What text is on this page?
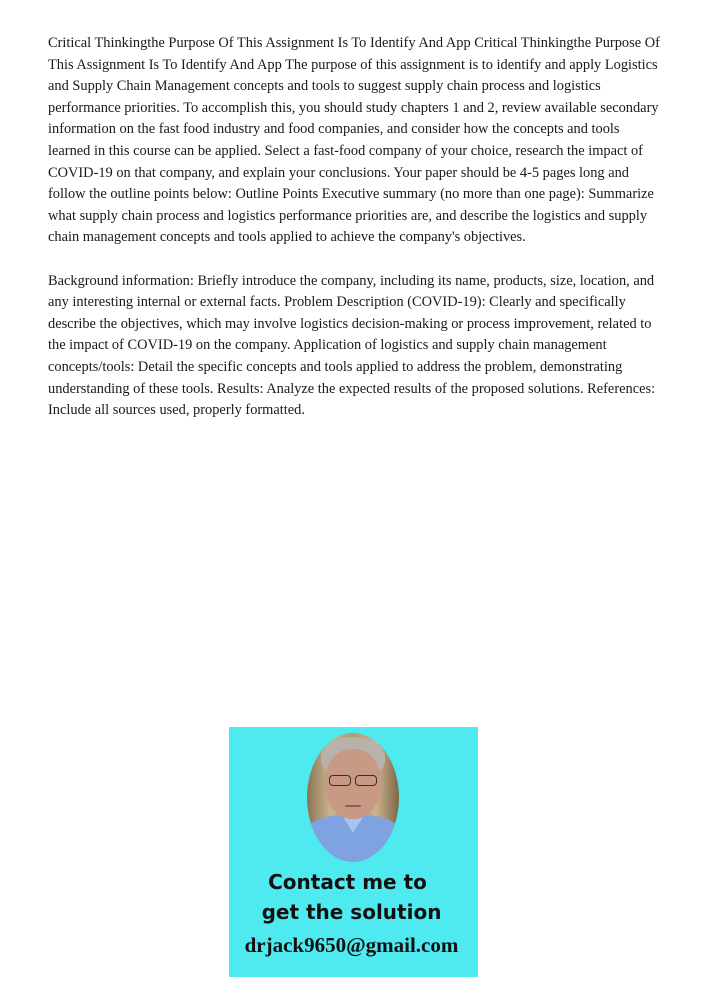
Critical Thinkingthe Purpose Of This Assignment Is To Identify And App Critical Thinkingthe Purpose Of This Assignment Is To Identify And App The purpose of this assignment is to identify and apply Logistics and Supply Chain Management concepts and tools to suggest supply chain process and logistics performance priorities. To accomplish this, you should study chapters 1 and 2, review available secondary information on the fast food industry and food companies, and consider how the concepts and tools learned in this course can be applied. Select a fast-food company of your choice, research the impact of COVID-19 on that company, and explain your conclusions. Your paper should be 4-5 pages long and follow the outline points below: Outline Points Executive summary (no more than one page): Summarize what supply chain process and logistics performance priorities are, and describe the logistics and supply chain management concepts and tools applied to achieve the company's objectives.

Background information: Briefly introduce the company, including its name, products, size, location, and any interesting internal or external facts. Problem Description (COVID-19): Clearly and specifically describe the objectives, which may involve logistics decision-making or process improvement, related to the impact of COVID-19 on the company. Application of logistics and supply chain management concepts/tools: Detail the specific concepts and tools applied to address the problem, demonstrating understanding of these tools. Results: Analyze the expected results of the proposed solutions. References: Include all sources used, properly formatted.

Contact me to
get the solution
drjack9650@gmail.com
